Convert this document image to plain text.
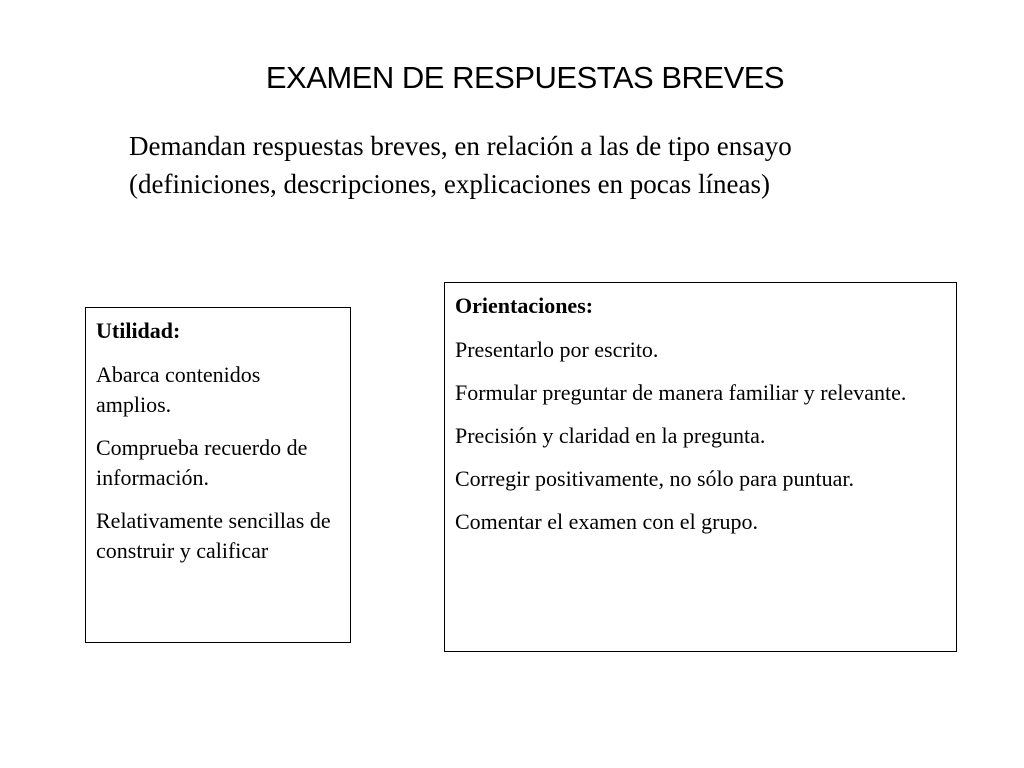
EXAMEN DE RESPUESTAS BREVES

Demandan respuestas breves, en relación a las de tipo ensayo (definiciones, descripciones, explicaciones en pocas líneas)

Utilidad:

Abarca contenidos amplios.

Comprueba recuerdo de información.

Relativamente sencillas de construir y calificar

Orientaciones:

Presentarlo por escrito.

Formular preguntar de manera familiar y relevante.

Precisión y claridad en la pregunta.

Corregir positivamente, no sólo para puntuar.

Comentar el examen con el grupo.
